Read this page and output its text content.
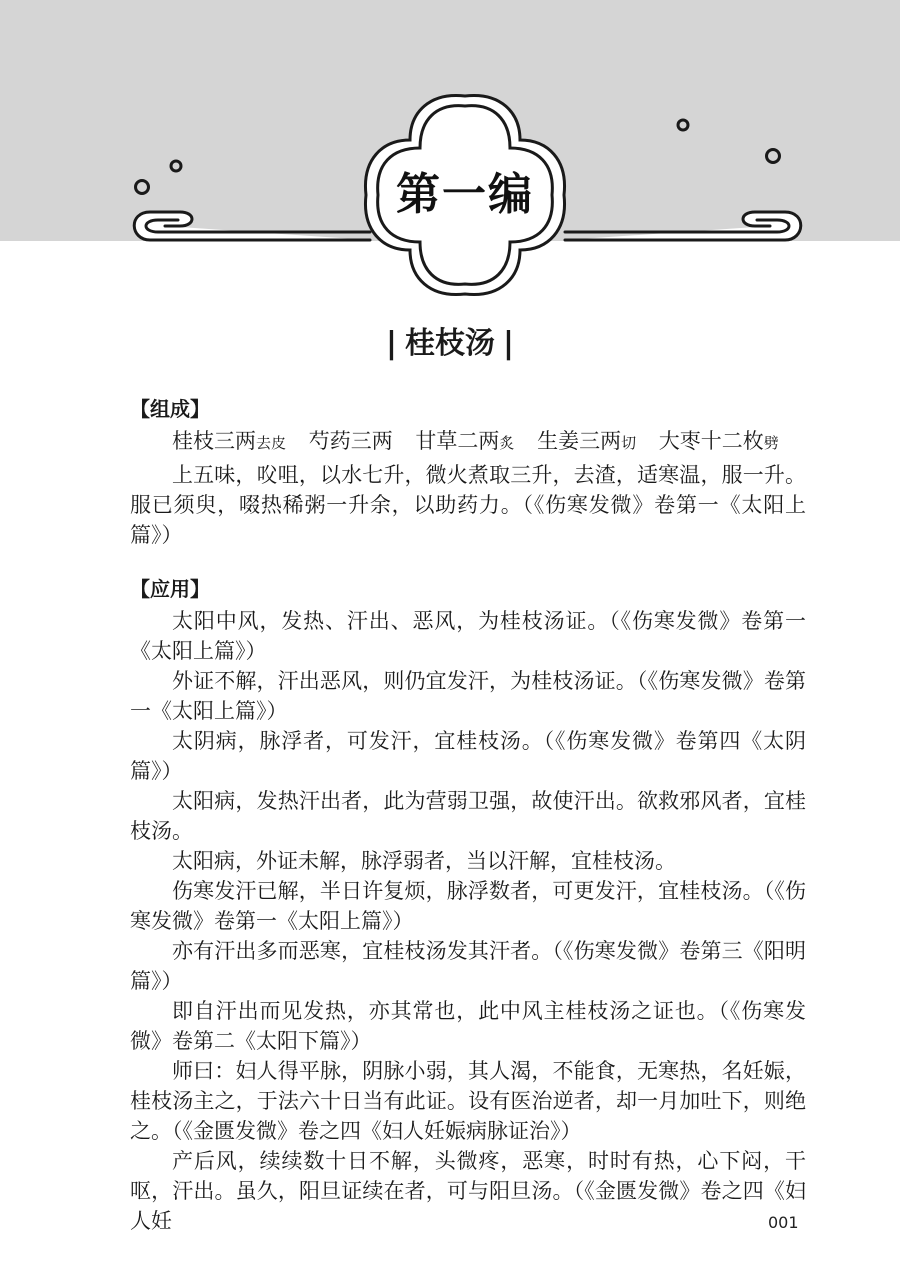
第一编
| 桂枝汤 |

【组成】

桂枝三两去皮 芍药三两 甘草二两炙 生姜三两切 大枣十二枚劈

上五味，㕮咀，以水七升，微火煮取三升，去渣，适寒温，服一升。服已须臾，啜热稀粥一升余，以助药力。（《伤寒发微》卷第一《太阳上篇》）

【应用】

太阳中风，发热、汗出、恶风，为桂枝汤证。（《伤寒发微》卷第一《太阳上篇》）

外证不解，汗出恶风，则仍宜发汗，为桂枝汤证。（《伤寒发微》卷第一《太阳上篇》）

太阴病，脉浮者，可发汗，宜桂枝汤。（《伤寒发微》卷第四《太阴篇》）

太阳病，发热汗出者，此为营弱卫强，故使汗出。欲救邪风者，宜桂枝汤。

太阳病，外证未解，脉浮弱者，当以汗解，宜桂枝汤。

伤寒发汗已解，半日许复烦，脉浮数者，可更发汗，宜桂枝汤。（《伤寒发微》卷第一《太阳上篇》）

亦有汗出多而恶寒，宜桂枝汤发其汗者。（《伤寒发微》卷第三《阳明篇》）

即自汗出而见发热，亦其常也，此中风主桂枝汤之证也。（《伤寒发微》卷第二《太阳下篇》）

师曰：妇人得平脉，阴脉小弱，其人渴，不能食，无寒热，名妊娠，桂枝汤主之，于法六十日当有此证。设有医治逆者，却一月加吐下，则绝之。（《金匮发微》卷之四《妇人妊娠病脉证治》）

产后风，续续数十日不解，头微疼，恶寒，时时有热，心下闷，干呕，汗出。虽久，阳旦证续在者，可与阳旦汤。（《金匮发微》卷之四《妇人妊	001
